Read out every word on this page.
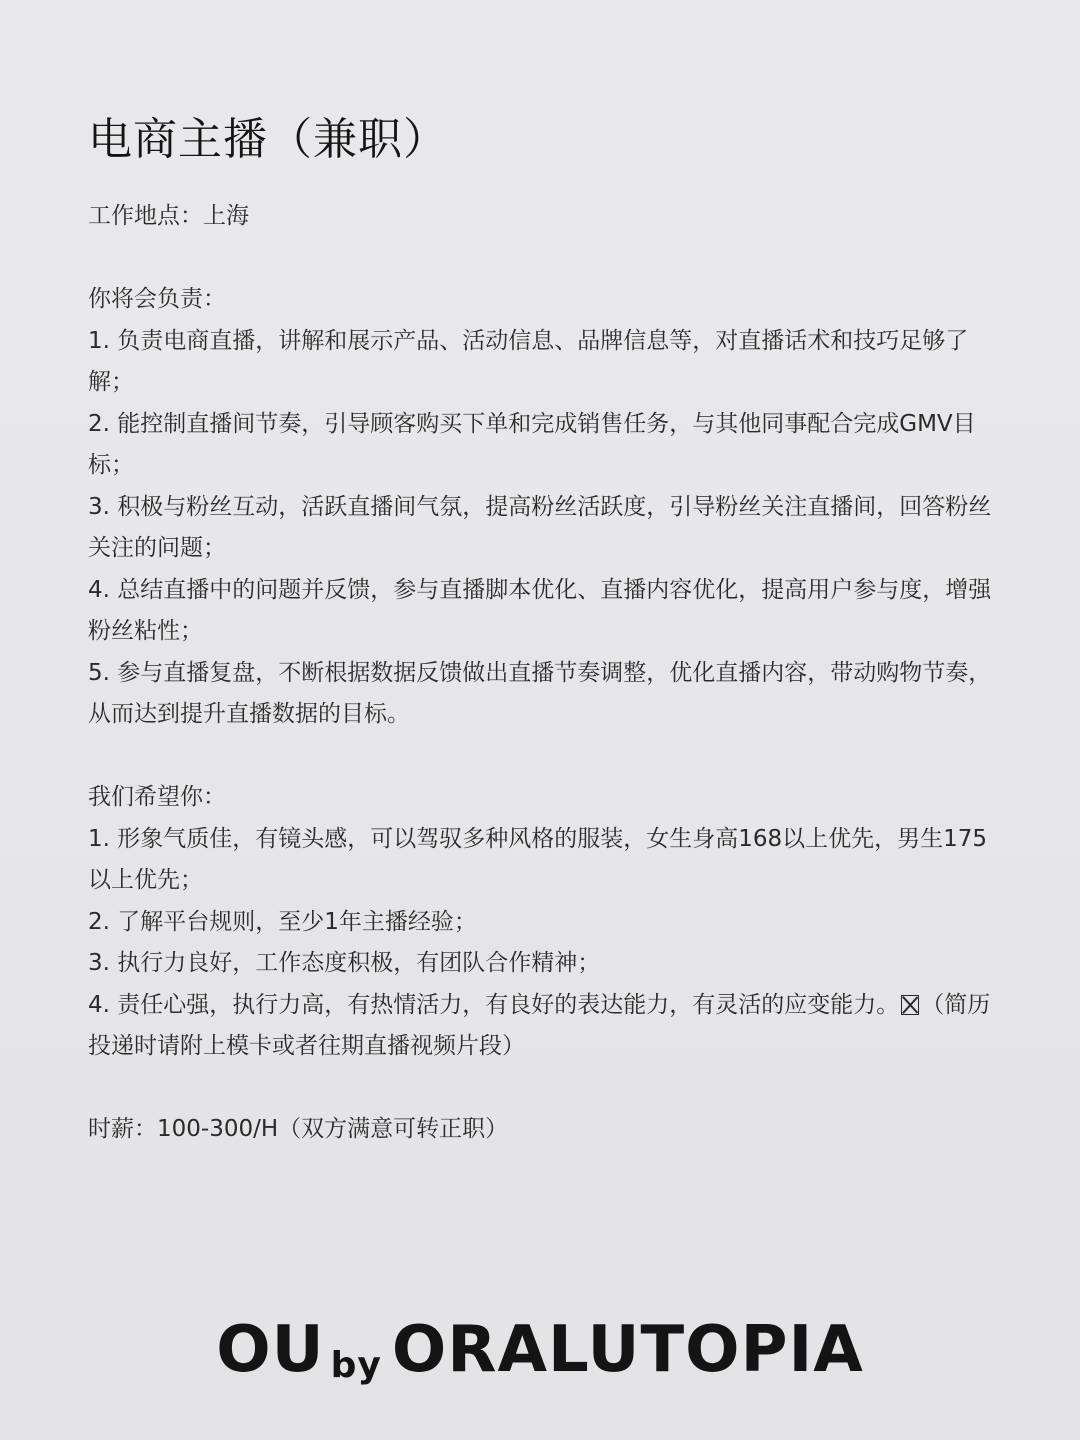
电商主播（兼职）

工作地点：上海

你将会负责：

1. 负责电商直播，讲解和展示产品、活动信息、品牌信息等，对直播话术和技巧足够了解；

2. 能控制直播间节奏，引导顾客购买下单和完成销售任务，与其他同事配合完成GMV目标；

3. 积极与粉丝互动，活跃直播间气氛，提高粉丝活跃度，引导粉丝关注直播间，回答粉丝关注的问题；

4. 总结直播中的问题并反馈，参与直播脚本优化、直播内容优化，提高用户参与度，增强粉丝粘性；

5. 参与直播复盘，不断根据数据反馈做出直播节奏调整，优化直播内容，带动购物节奏，从而达到提升直播数据的目标。

我们希望你：

1. 形象气质佳，有镜头感，可以驾驭多种风格的服装，女生身高168以上优先，男生175以上优先；

2. 了解平台规则，至少1年主播经验；

3. 执行力良好，工作态度积极，有团队合作精神；

4. 责任心强，执行力高，有热情活力，有良好的表达能力，有灵活的应变能力。 （简历投递时请附上模卡或者往期直播视频片段）

时薪：100-300/H（双方满意可转正职）

OU by ORALUTOPIA
